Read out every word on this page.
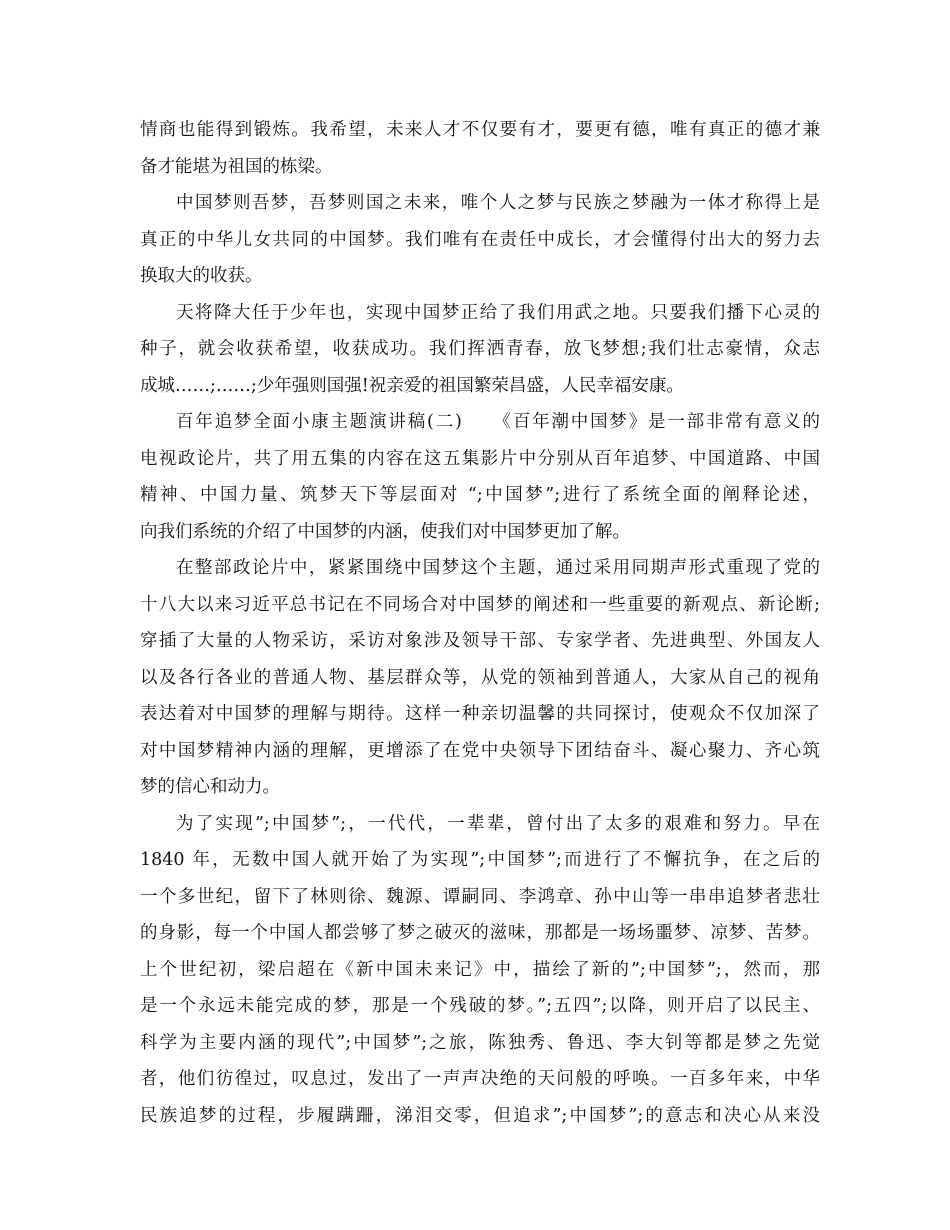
情商也能得到锻炼。我希望，未来人才不仅要有才，要更有德，唯有真正的德才兼
备才能堪为祖国的栋梁。
中国梦则吾梦，吾梦则国之未来，唯个人之梦与民族之梦融为一体才称得上是
真正的中华儿女共同的中国梦。我们唯有在责任中成长，才会懂得付出大的努力去
换取大的收获。
天将降大任于少年也，实现中国梦正给了我们用武之地。只要我们播下心灵的
种子，就会收获希望，收获成功。我们挥洒青春，放飞梦想;我们壮志豪情，众志
成城……;……;少年强则国强!祝亲爱的祖国繁荣昌盛，人民幸福安康。
百年追梦全面小康主题演讲稿(二)　　《百年潮中国梦》是一部非常有意义的
电视政论片，共了用五集的内容在这五集影片中分别从百年追梦、中国道路、中国
精神、中国力量、筑梦天下等层面对 “;中国梦”;进行了系统全面的阐释论述，
向我们系统的介绍了中国梦的内涵，使我们对中国梦更加了解。
在整部政论片中，紧紧围绕中国梦这个主题，通过采用同期声形式重现了党的
十八大以来习近平总书记在不同场合对中国梦的阐述和一些重要的新观点、新论断;
穿插了大量的人物采访，采访对象涉及领导干部、专家学者、先进典型、外国友人
以及各行各业的普通人物、基层群众等，从党的领袖到普通人，大家从自己的视角
表达着对中国梦的理解与期待。这样一种亲切温馨的共同探讨，使观众不仅加深了
对中国梦精神内涵的理解，更增添了在党中央领导下团结奋斗、凝心聚力、齐心筑
梦的信心和动力。
为了实现”;中国梦”;，一代代，一辈辈，曾付出了太多的艰难和努力。早在
1840 年，无数中国人就开始了为实现”;中国梦”;而进行了不懈抗争，在之后的
一个多世纪，留下了林则徐、魏源、谭嗣同、李鸿章、孙中山等一串串追梦者悲壮
的身影，每一个中国人都尝够了梦之破灭的滋味，那都是一场场噩梦、凉梦、苦梦。
上个世纪初，梁启超在《新中国未来记》中，描绘了新的”;中国梦”;，然而，那
是一个永远未能完成的梦，那是一个残破的梦。”;五四”;以降，则开启了以民主、
科学为主要内涵的现代”;中国梦”;之旅，陈独秀、鲁迅、李大钊等都是梦之先觉
者，他们彷徨过，叹息过，发出了一声声决绝的天问般的呼唤。一百多年来，中华
民族追梦的过程，步履蹒跚，涕泪交零，但追求”;中国梦”;的意志和决心从来没
